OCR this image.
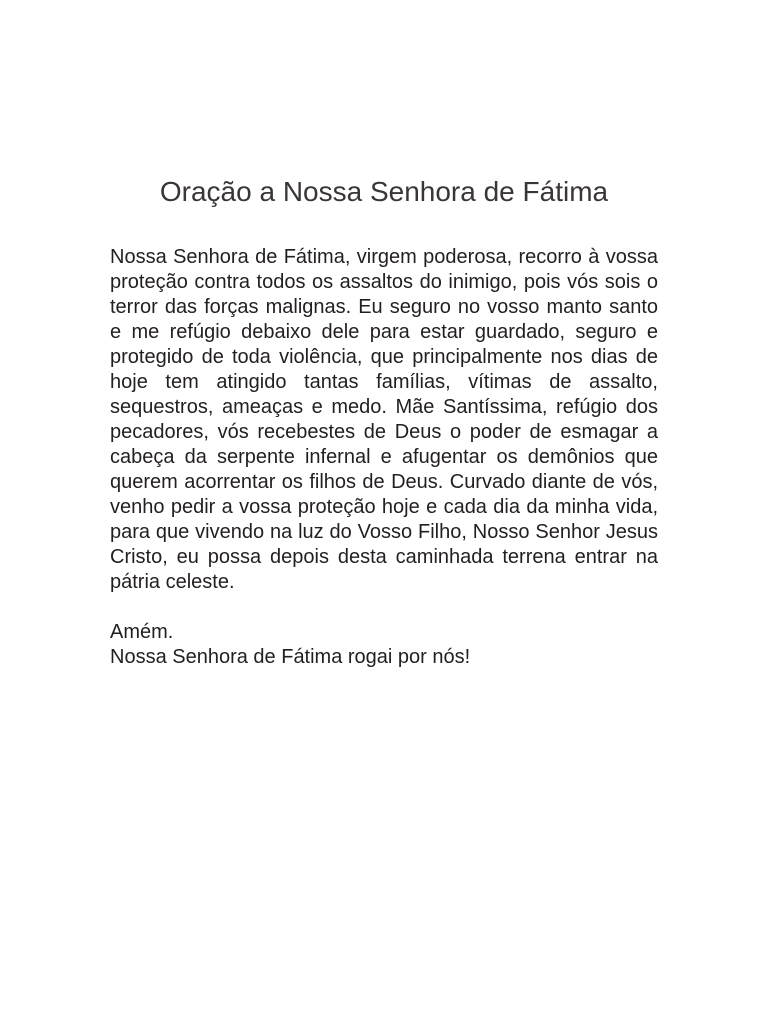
Oração a Nossa Senhora de Fátima

Nossa Senhora de Fátima, virgem poderosa, recorro à vossa proteção contra todos os assaltos do inimigo, pois vós sois o terror das forças malignas. Eu seguro no vosso manto santo e me refúgio debaixo dele para estar guardado, seguro e protegido de toda violência, que principalmente nos dias de hoje tem atingido tantas famílias, vítimas de assalto, sequestros, ameaças e medo. Mãe Santíssima, refúgio dos pecadores, vós recebestes de Deus o poder de esmagar a cabeça da serpente infernal e afugentar os demônios que querem acorrentar os filhos de Deus. Curvado diante de vós, venho pedir a vossa proteção hoje e cada dia da minha vida, para que vivendo na luz do Vosso Filho, Nosso Senhor Jesus Cristo, eu possa depois desta caminhada terrena entrar na pátria celeste.

Amém.

Nossa Senhora de Fátima rogai por nós!
